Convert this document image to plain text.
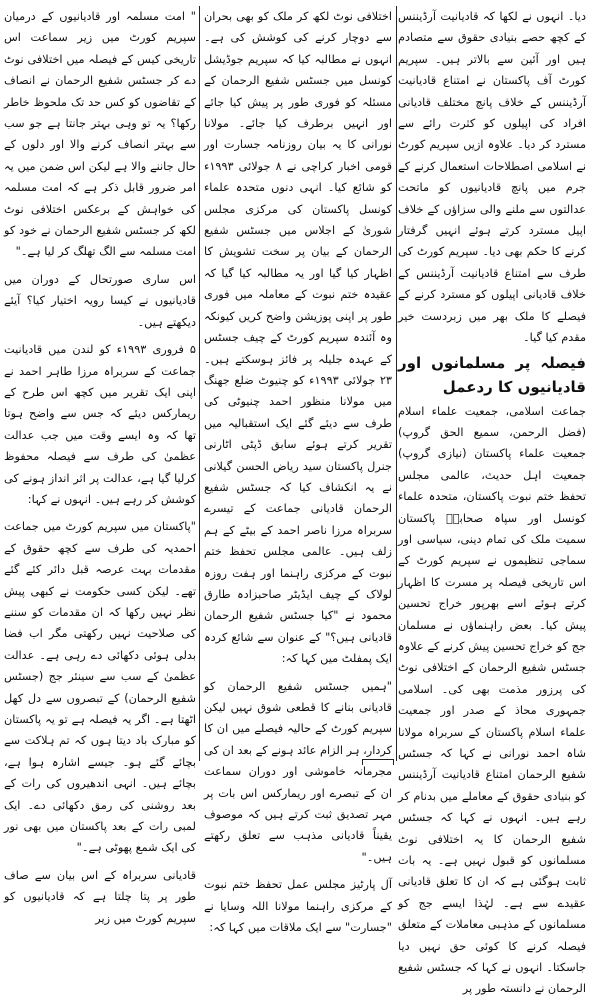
دیا۔ انہوں نے لکھا کہ قادیانیت آرڈیننس کے کچھ حصے بنیادی حقوق سے متصادم ہیں اور آئین سے بالاتر ہیں۔ سپریم کورٹ آف پاکستان نے امتناع قادیانیت آرڈیننس کے خلاف پانچ مختلف قادیانی افراد کی اپیلوں کو کثرت رائے سے مسترد کر دیا۔ علاوہ ازیں سپریم کورٹ نے اسلامی اصطلاحات استعمال کرنے کے جرم میں پانچ قادیانیوں کو ماتحت عدالتوں سے ملنے والی سزاؤں کے خلاف اپیل مسترد کرتے ہوئے انہیں گرفتار کرنے کا حکم بھی دیا۔ سپریم کورٹ کی طرف سے امتناع قادیانیت آرڈیننس کے خلاف قادیانی اپیلوں کو مسترد کرنے کے فیصلے کا ملک بھر میں زبردست خیر مقدم کیا گیا۔

فیصلہ پر مسلمانوں اور قادیانیوں کا ردعمل

جماعت اسلامی، جمعیت علماء اسلام (فضل الرحمن، سمیع الحق گروپ) جمعیت علماء پاکستان (نیازی گروپ) جمعیت اہل حدیث، عالمی مجلس تحفظ ختم نبوت پاکستان، متحدہ علماء کونسل اور سپاہ صحابہؓ پاکستان سمیت ملک کی تمام دینی، سیاسی اور سماجی تنظیموں نے سپریم کورٹ کے اس تاریخی فیصلہ پر مسرت کا اظہار کرتے ہوئے اسے بھرپور خراج تحسین پیش کیا۔ بعض راہنماؤں نے مسلمان جج کو خراج تحسین پیش کرنے کے علاوہ جسٹس شفیع الرحمان کے اختلافی نوٹ کی پرزور مذمت بھی کی۔ اسلامی جمہوری محاذ کے صدر اور جمعیت علماء اسلام پاکستان کے سربراہ مولانا شاہ احمد نورانی نے کہا کہ جسٹس شفیع الرحمان امتناع قادیانیت آرڈیننس کو بنیادی حقوق کے معاملے میں بدنام کر رہے ہیں۔ انہوں نے کہا کہ جسٹس شفیع الرحمان کا یہ اختلافی نوٹ مسلمانوں کو قبول نہیں ہے۔ یہ بات ثابت ہوگئی ہے کہ ان کا تعلق قادیانی عقیدے سے ہے۔ لہٰذا ایسے جج کو مسلمانوں کے مذہبی معاملات کے متعلق فیصلہ کرنے کا کوئی حق نہیں دیا جاسکتا۔ انہوں نے کہا کہ جسٹس شفیع الرحمان نے دانستہ طور پر

اختلافی نوٹ لکھ کر ملک کو بھی بحران سے دوچار کرنے کی کوشش کی ہے۔ انہوں نے مطالبہ کیا کہ سپریم جوڈیشل کونسل میں جسٹس شفیع الرحمان کے مسئلہ کو فوری طور پر پیش کیا جائے اور انہیں برطرف کیا جائے۔ مولانا نورانی کا یہ بیان روزنامہ جسارت اور قومی اخبار کراچی نے ۸ جولائی ۱۹۹۳ء کو شائع کیا۔ انہی دنوں متحدہ علماء کونسل پاکستان کی مرکزی مجلس شوریٰ کے اجلاس میں جسٹس شفیع الرحمان کے بیان پر سخت تشویش کا اظہار کیا گیا اور یہ مطالبہ کیا گیا کہ عقیدہ ختم نبوت کے معاملہ میں فوری طور پر اپنی پوزیشن واضح کریں کیونکہ وہ آئندہ سپریم کورٹ کے چیف جسٹس کے عہدہ جلیلہ پر فائز ہوسکتے ہیں۔ ۲۳ جولائی ۱۹۹۳ء کو چنیوٹ ضلع جھنگ میں مولانا منظور احمد چنیوٹی کی طرف سے دیئے گئے ایک استقبالیہ میں تقریر کرتے ہوئے سابق ڈپٹی اٹارنی جنرل پاکستان سید ریاض الحسن گیلانی نے یہ انکشاف کیا کہ جسٹس شفیع الرحمان قادیانی جماعت کے تیسرے سربراہ مرزا ناصر احمد کے بیٹے کے ہم زلف ہیں۔ عالمی مجلس تحفظ ختم نبوت کے مرکزی راہنما اور ہفت روزہ لولاک کے چیف ایڈیٹر صاحبزادہ طارق محمود نے "کیا جسٹس شفیع الرحمان قادیانی ہیں؟" کے عنوان سے شائع کردہ ایک پمفلٹ میں کہا کہ:

"ہمیں جسٹس شفیع الرحمان کو قادیانی بنانے کا قطعی شوق نہیں لیکن سپریم کورٹ کے حالیہ فیصلے میں ان کا کردار، ہر الزام عائد ہونے کے بعد ان کی مجرمانہ خاموشی اور دوران سماعت ان کے تبصرے اور ریمارکس اس بات پر مہر تصدیق ثبت کرتے ہیں کہ موصوف یقیناً قادیانی مذہب سے تعلق رکھتے ہیں۔"

آل پارٹیز مجلس عمل تحفظ ختم نبوت کے مرکزی راہنما مولانا اللہ وسایا نے "جسارت" سے ایک ملاقات میں کہا کہ:

" امت مسلمہ اور قادیانیوں کے درمیان سپریم کورٹ میں زیر سماعت اس تاریخی کیس کے فیصلہ میں اختلافی نوٹ دے کر جسٹس شفیع الرحمان نے انصاف کے تقاضوں کو کس حد تک ملحوظ خاطر رکھا؟ یہ تو وہی بہتر جانتا ہے جو سب سے بہتر انصاف کرنے والا اور دلوں کے حال جاننے والا ہے لیکن اس ضمن میں یہ امر ضرور قابل ذکر ہے کہ امت مسلمہ کی خواہش کے برعکس اختلافی نوٹ لکھ کر جسٹس شفیع الرحمان نے خود کو امت مسلمہ سے الگ تھلگ کر لیا ہے۔"

اس ساری صورتحال کے دوران میں قادیانیوں نے کیسا رویہ اختیار کیا؟ آیئے دیکھتے ہیں۔

۵ فروری ۱۹۹۳ء کو لندن میں قادیانیت جماعت کے سربراہ مرزا طاہر احمد نے اپنی ایک تقریر میں کچھ اس طرح کے ریمارکس دیئے کہ جس سے واضح ہوتا تھا کہ وہ ایسے وقت میں جب عدالت عظمیٰ کی طرف سے فیصلہ محفوظ کرلیا گیا ہے، عدالت پر اثر انداز ہونے کی کوشش کر رہے ہیں۔ انہوں نے کہا:

"پاکستان میں سپریم کورٹ میں جماعت احمدیہ کی طرف سے کچھ حقوق کے مقدمات بہت عرصہ قبل دائر کئے گئے تھے۔ لیکن کسی حکومت نے کبھی پیش نظر نہیں رکھا کہ ان مقدمات کو سننے کی صلاحیت نہیں رکھتی مگر اب فضا بدلی ہوئی دکھائی دے رہی ہے۔ عدالت عظمیٰ کے سب سے سینئر جج (جسٹس شفیع الرحمان) کے تبصروں سے دل کھل اٹھتا ہے۔ اگر یہ فیصلہ ہے تو یہ پاکستان کو مبارک باد دیتا ہوں کہ تم ہلاکت سے بچائے گئے ہو۔ جیسے اشارہ ہوا ہے، بچائے ہیں۔ انہی اندھیروں کی رات کے بعد روشنی کی رمق دکھائی دے۔ ایک لمبی رات کے بعد پاکستان میں بھی نور کی ایک شمع پھوٹی ہے۔"

قادیانی سربراہ کے اس بیان سے صاف طور پر پتا چلتا ہے کہ قادیانیوں کو سپریم کورٹ میں زیر
